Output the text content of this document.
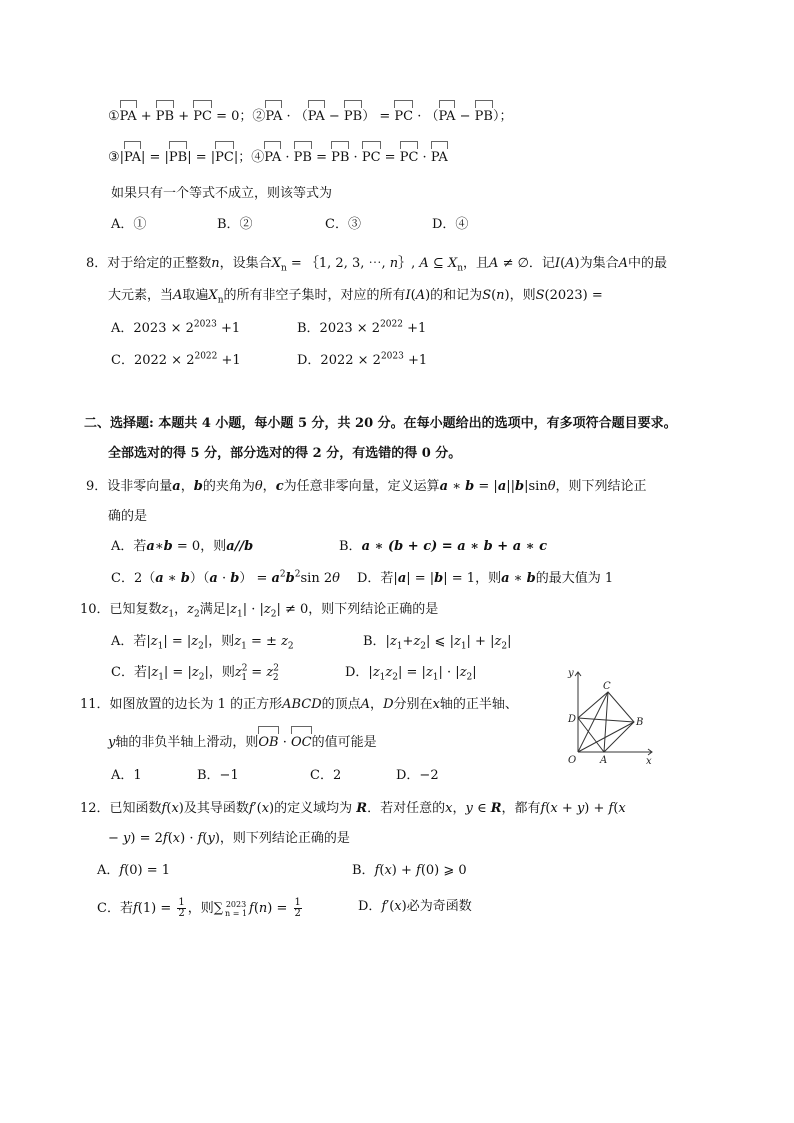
①PA + PB + PC = 0；②PA · （PA − PB） = PC · （PA − PB）；
③|PA| = |PB| = |PC|；④PA · PB = PB · PC = PC · PA
如果只有一个等式不成立，则该等式为
A．①	B．②	C．③	D．④
8．对于给定的正整数n，设集合$X_n$ = ｛1, 2, 3, ⋯, n｝, A ⊆ $X_n$，且A ≠ ∅．记I(A)为集合A中的最
大元素，当A取遍$X_n$的所有非空子集时，对应的所有I(A)的和记为S(n)，则S(2023) =
A．$2023 \times 2^{2023} +1$	B．$2023 \times 2^{2022} +1$
C．$2022 \times 2^{2022} +1$	D．$2022 \times 2^{2023} +1$
二、选择题: 本题共 4 小题，每小题 5 分，共 20 分。在每小题给出的选项中，有多项符合题目要求。
全部选对的得 5 分，部分选对的得 2 分，有选错的得 0 分。
9．设非零向量a，b的夹角为θ，c为任意非零向量，定义运算a ∗ b = |a||b|sinθ，则下列结论正
确的是
A．若a∗b = 0，则a//b	B．a ∗ (b + c) = a ∗ b + a ∗ c
C．2（a ∗ $b)(a \cdot b) = a^2b^2\sin$ 2θ D．若|a| = |b| = 1，则a ∗ b的最大值为 1
10．已知复数$z_1$，$z_2$满足$|z_1| \cdot |z_2| \ne 0$，则下列结论正确的是
A．若$|z_1| = |z_2|$，则$z_1$ = ± $z_2$	B．$|z_1+z_2|$ ⩽ $|z_1| + |z_2|$
C．若$|z_1| = |z_2|$，则$z^2_1 = z^2_2$	D．$|z_1z_2| = |z_1| \cdot |z_2|$
11．如图放置的边长为 1 的正方形ABCD的顶点A，D分别在x轴的正半轴、
y轴的非负半轴上滑动，则OB · OC的值可能是
A．1	B．−1	C．2	D．−2
y
x
O A
B
C
D
12．已知函数f(x)及其导函数f′(x)的定义域均为 R．若对任意的x，y ∈ R，都有f(x + y) + f(x
− y) = 2f(x) · f(y)，则下列结论正确的是
A．f(0) = 1	B．f(x) + f(0) ⩾ 0
C．若$f(1) = \frac{1}{2}$ ，则∑ 2023
n = 1 $f(n) = \frac{1}{2}$	D．f′(x)必为奇函数
